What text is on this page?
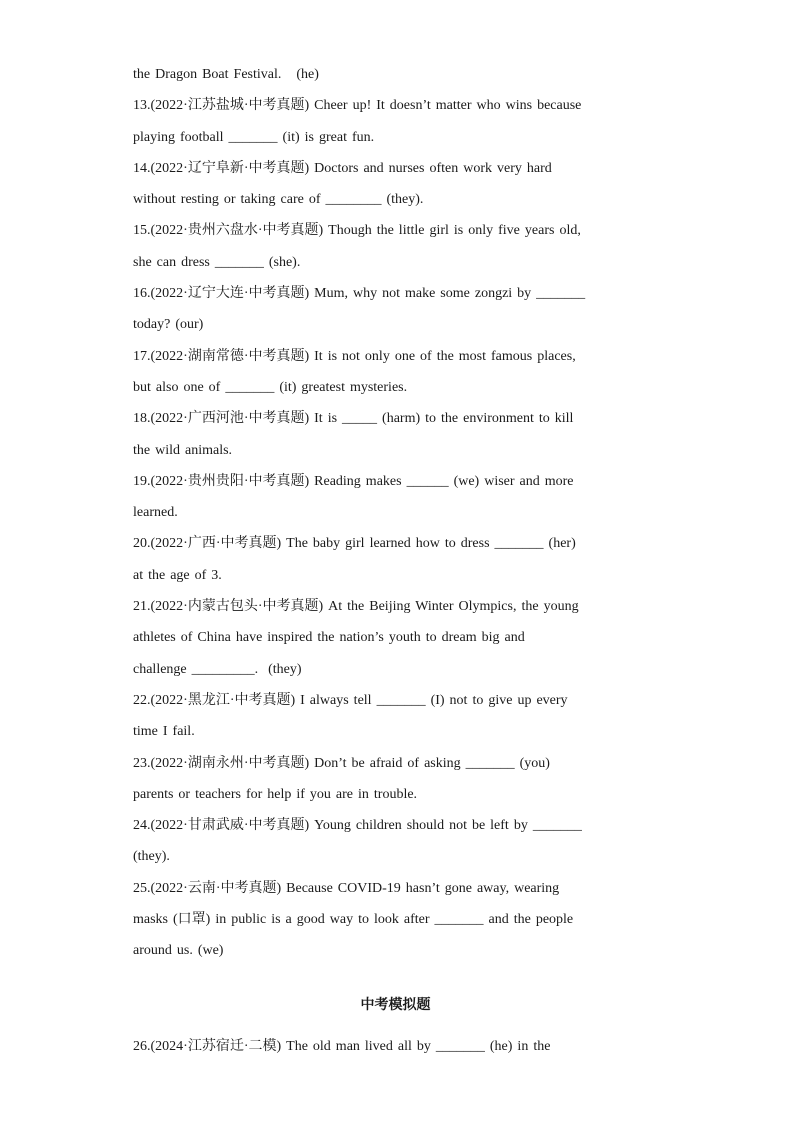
the Dragon Boat Festival.   (he)
13.(2022·江苏盐城·中考真题) Cheer up! It doesn’t matter who wins because
playing football _______ (it) is great fun.
14.(2022·辽宁阜新·中考真题) Doctors and nurses often work very hard
without resting or taking care of ________ (they).
15.(2022·贵州六盘水·中考真题) Though the little girl is only five years old,
she can dress _______ (she).
16.(2022·辽宁大连·中考真题) Mum, why not make some zongzi by _______
today? (our)
17.(2022·湖南常德·中考真题) It is not only one of the most famous places,
but also one of _______ (it) greatest mysteries.
18.(2022·广西河池·中考真题) It is _____ (harm) to the environment to kill
the wild animals.
19.(2022·贵州贵阳·中考真题) Reading makes ______ (we) wiser and more
learned.
20.(2022·广西·中考真题) The baby girl learned how to dress _______ (her)
at the age of 3.
21.(2022·内蒙古包头·中考真题) At the Beijing Winter Olympics, the young
athletes of China have inspired the nation’s youth to dream big and
challenge _________.  (they)
22.(2022·黑龙江·中考真题) I always tell _______ (I) not to give up every
time I fail.
23.(2022·湖南永州·中考真题) Don’t be afraid of asking _______ (you)
parents or teachers for help if you are in trouble.
24.(2022·甘肃武威·中考真题) Young children should not be left by _______
(they).
25.(2022·云南·中考真题) Because COVID-19 hasn’t gone away, wearing
masks (口罩) in public is a good way to look after _______ and the people
around us. (we)
中考模拟题
26.(2024·江苏宿迁·二模) The old man lived all by _______ (he) in the
